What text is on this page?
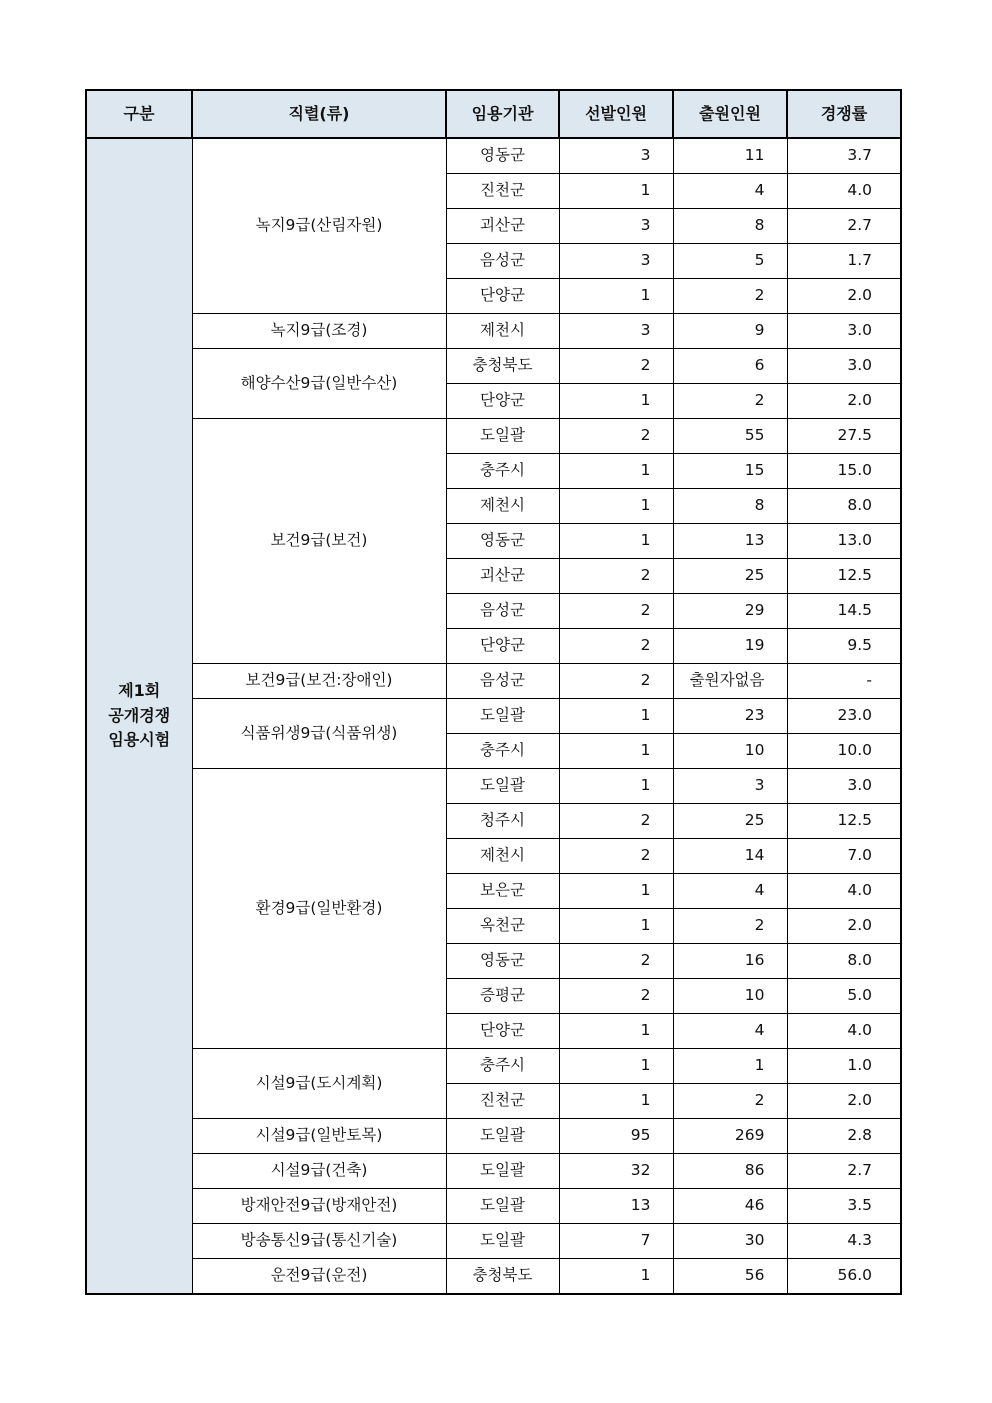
구분	직렬(류)	임용기관	선발인원	출원인원	경쟁률

제1회
공개경쟁
임용시험	녹지9급(산림자원)	영동군	3	11	3.7
		진천군	1	4	4.0
		괴산군	3	8	2.7
		음성군	3	5	1.7
		단양군	1	2	2.0
	녹지9급(조경)	제천시	3	9	3.0
	해양수산9급(일반수산)	충청북도	2	6	3.0
		단양군	1	2	2.0
	보건9급(보건)	도일괄	2	55	27.5
		충주시	1	15	15.0
		제천시	1	8	8.0
		영동군	1	13	13.0
		괴산군	2	25	12.5
		음성군	2	29	14.5
		단양군	2	19	9.5
	보건9급(보건:장애인)	음성군	2	출원자없음	-
	식품위생9급(식품위생)	도일괄	1	23	23.0
		충주시	1	10	10.0
	환경9급(일반환경)	도일괄	1	3	3.0
		청주시	2	25	12.5
		제천시	2	14	7.0
		보은군	1	4	4.0
		옥천군	1	2	2.0
		영동군	2	16	8.0
		증평군	2	10	5.0
		단양군	1	4	4.0
	시설9급(도시계획)	충주시	1	1	1.0
		진천군	1	2	2.0
	시설9급(일반토목)	도일괄	95	269	2.8
	시설9급(건축)	도일괄	32	86	2.7
	방재안전9급(방재안전)	도일괄	13	46	3.5
	방송통신9급(통신기술)	도일괄	7	30	4.3
	운전9급(운전)	충청북도	1	56	56.0
